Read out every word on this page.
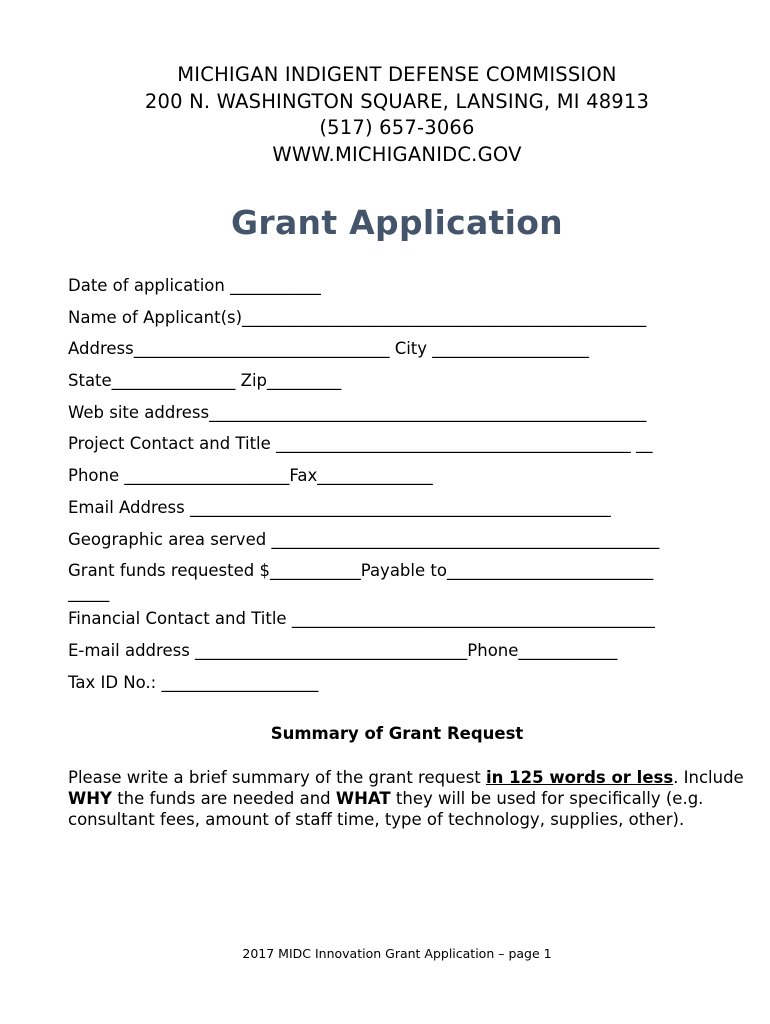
MICHIGAN INDIGENT DEFENSE COMMISSION
200 N. WASHINGTON SQUARE, LANSING, MI 48913
(517) 657-3066
WWW.MICHIGANIDC.GOV
Grant Application
Date of application ___________
Name of Applicant(s)_________________________________________________
Address_______________________________ City ___________________
State_______________ Zip_________
Web site address_____________________________________________________
Project Contact and Title ___________________________________________ __
Phone ____________________Fax______________
Email Address ___________________________________________________
Geographic area served _______________________________________________
Grant funds requested $___________Payable to_________________________
_____
Financial Contact and Title ____________________________________________
E-mail address _________________________________Phone____________
Tax ID No.: ___________________
Summary of Grant Request
Please write a brief summary of the grant request in 125 words or less. Include WHY the funds are needed and WHAT they will be used for specifically (e.g. consultant fees, amount of staff time, type of technology, supplies, other).
2017 MIDC Innovation Grant Application – page 1
